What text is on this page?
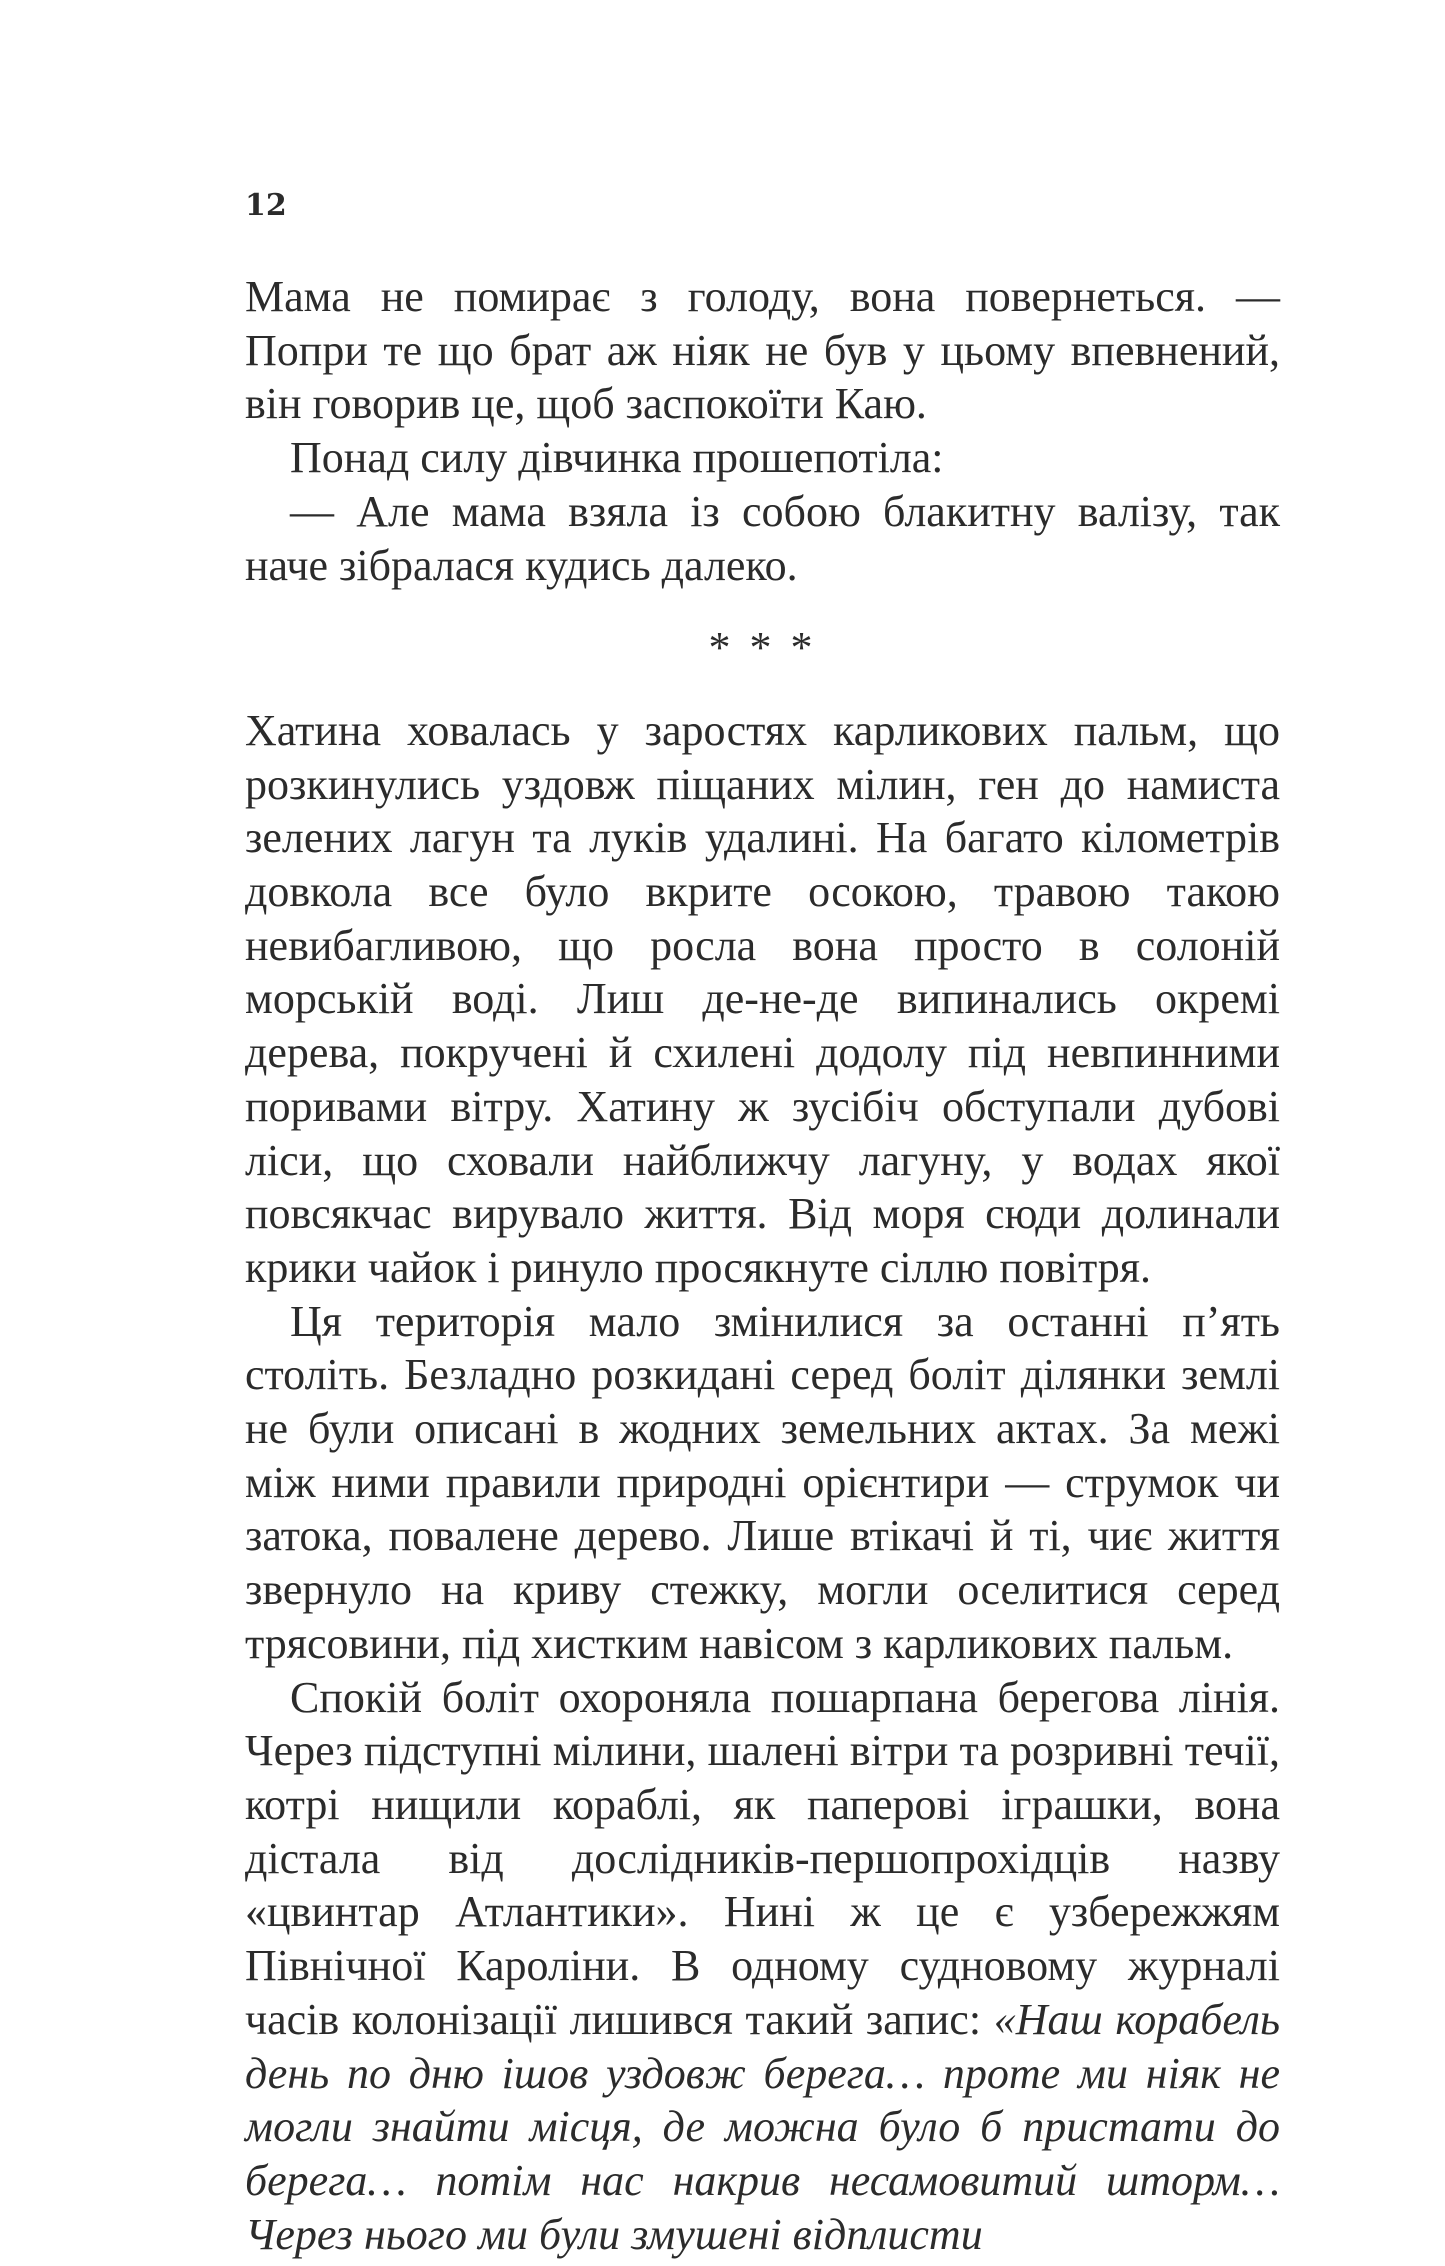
12

Мама не помирає з голоду, вона повернеться. — Попри те що брат аж ніяк не був у цьому впевнений, він говорив це, щоб заспокоїти Каю.

Понад силу дівчинка прошепотіла:

— Але мама взяла із собою блакитну валізу, так наче зібралася кудись далеко.

* * *

Хатина ховалась у заростях карликових пальм, що розкинулись уздовж піщаних мілин, ген до намиста зелених лагун та луків удалині. На багато кілометрів довкола все було вкрите осокою, травою такою невибагливою, що росла вона просто в солоній морській воді. Лиш де-не-де випинались окремі дерева, покручені й схилені додолу під невпинними поривами вітру. Хатину ж зусібіч обступали дубові ліси, що сховали найближчу лагуну, у водах якої повсякчас вирувало життя. Від моря сюди долинали крики чайок і ринуло просякнуте сіллю повітря.

Ця територія мало змінилися за останні п’ять століть. Безладно розкидані серед боліт ділянки землі не були описані в жодних земельних актах. За межі між ними правили природні орієнтири — струмок чи затока, повалене дерево. Лише втікачі й ті, чиє життя звернуло на криву стежку, могли оселитися серед трясовини, під хистким навісом з карликових пальм.

Спокій боліт охороняла пошарпана берегова лінія. Через підступні мілини, шалені вітри та розривні течії, котрі нищили кораблі, як паперові іграшки, вона дістала від дослідників-першопрохідців назву «цвинтар Атлантики». Нині ж це є узбережжям Північної Кароліни. В одному судновому журналі часів колонізації лишився такий запис: «Наш корабель день по дню ішов уздовж берега… проте ми ніяк не могли знайти місця, де можна було б пристати до берега… потім нас накрив несамовитий шторм… Через нього ми були змушені відплисти
